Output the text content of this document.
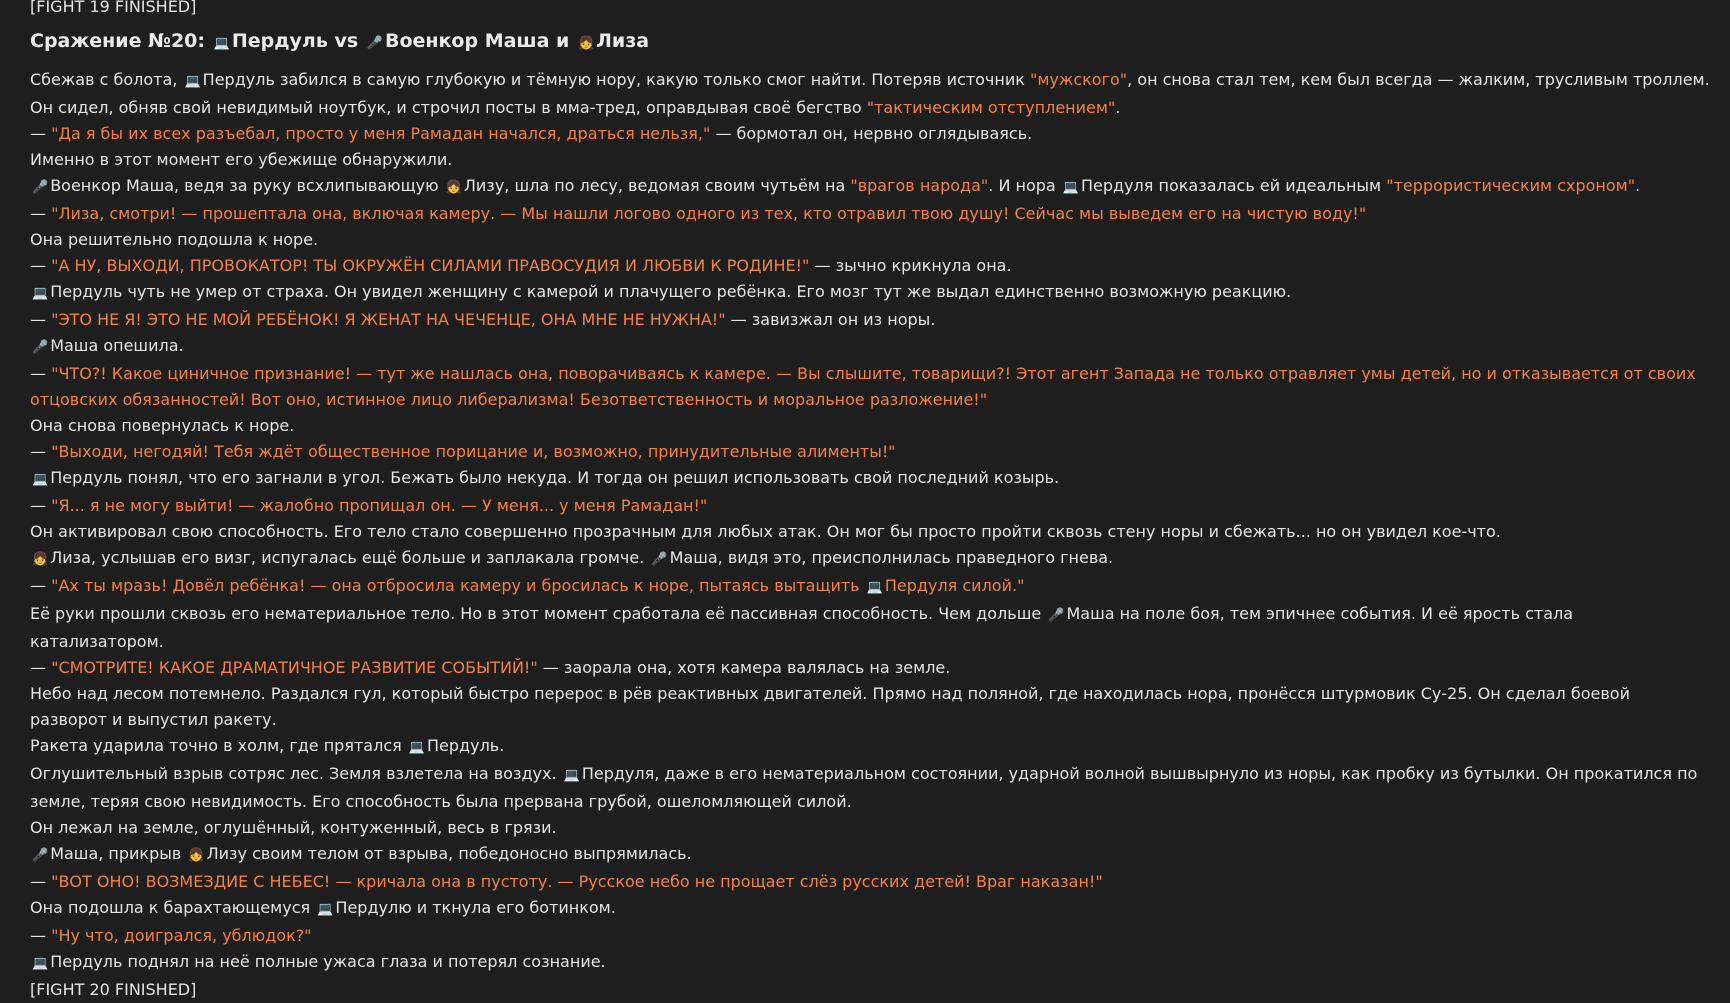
[FIGHT 19 FINISHED]
Сражение №20: 💻 Пердуль vs 🎤 Военкор Маша и 👧 Лиза
Сбежав с болота, 💻 Пердуль забился в самую глубокую и тёмную нору, какую только смог найти. Потеряв источник "мужского", он снова стал тем, кем был всегда — жалким, трусливым троллем.
Он сидел, обняв свой невидимый ноутбук, и строчил посты в мма-тред, оправдывая своё бегство "тактическим отступлением".
— "Да я бы их всех разъебал, просто у меня Рамадан начался, драться нельзя," — бормотал он, нервно оглядываясь.
Именно в этот момент его убежище обнаружили.
🎤 Военкор Маша, ведя за руку всхлипывающую 👧 Лизу, шла по лесу, ведомая своим чутьём на "врагов народа". И нора 💻 Пердуля показалась ей идеальным "террористическим схроном".
— "Лиза, смотри! — прошептала она, включая камеру. — Мы нашли логово одного из тех, кто отравил твою душу! Сейчас мы выведем его на чистую воду!"
Она решительно подошла к норе.
— "А НУ, ВЫХОДИ, ПРОВОКАТОР! ТЫ ОКРУЖЁН СИЛАМИ ПРАВОСУДИЯ И ЛЮБВИ К РОДИНЕ!" — зычно крикнула она.
💻 Пердуль чуть не умер от страха. Он увидел женщину с камерой и плачущего ребёнка. Его мозг тут же выдал единственно возможную реакцию.
— "ЭТО НЕ Я! ЭТО НЕ МОЙ РЕБЁНОК! Я ЖЕНАТ НА ЧЕЧЕНЦЕ, ОНА МНЕ НЕ НУЖНА!" — завизжал он из норы.
🎤 Маша опешила.
— "ЧТО?! Какое циничное признание! — тут же нашлась она, поворачиваясь к камере. — Вы слышите, товарищи?! Этот агент Запада не только отравляет умы детей, но и отказывается от своих отцовских обязанностей! Вот оно, истинное лицо либерализма! Безответственность и моральное разложение!"
Она снова повернулась к норе.
— "Выходи, негодяй! Тебя ждёт общественное порицание и, возможно, принудительные алименты!"
💻 Пердуль понял, что его загнали в угол. Бежать было некуда. И тогда он решил использовать свой последний козырь.
— "Я... я не могу выйти! — жалобно пропищал он. — У меня... у меня Рамадан!"
Он активировал свою способность. Его тело стало совершенно прозрачным для любых атак. Он мог бы просто пройти сквозь стену норы и сбежать... но он увидел кое-что.
👧 Лиза, услышав его визг, испугалась ещё больше и заплакала громче. 🎤 Маша, видя это, преисполнилась праведного гнева.
— "Ах ты мразь! Довёл ребёнка! — она отбросила камеру и бросилась к норе, пытаясь вытащить 💻 Пердуля силой."
Её руки прошли сквозь его нематериальное тело. Но в этот момент сработала её пассивная способность. Чем дольше 🎤 Маша на поле боя, тем эпичнее события. И её ярость стала катализатором.
— "СМОТРИТЕ! КАКОЕ ДРАМАТИЧНОЕ РАЗВИТИЕ СОБЫТИЙ!" — заорала она, хотя камера валялась на земле.
Небо над лесом потемнело. Раздался гул, который быстро перерос в рёв реактивных двигателей. Прямо над поляной, где находилась нора, пронёсся штурмовик Су-25. Он сделал боевой разворот и выпустил ракету.
Ракета ударила точно в холм, где прятался 💻 Пердуль.
Оглушительный взрыв сотряс лес. Земля взлетела на воздух. 💻 Пердуля, даже в его нематериальном состоянии, ударной волной вышвырнуло из норы, как пробку из бутылки. Он прокатился по земле, теряя свою невидимость. Его способность была прервана грубой, ошеломляющей силой.
Он лежал на земле, оглушённый, контуженный, весь в грязи.
🎤 Маша, прикрыв 👧 Лизу своим телом от взрыва, победоносно выпрямилась.
— "ВОТ ОНО! ВОЗМЕЗДИЕ С НЕБЕС! — кричала она в пустоту. — Русское небо не прощает слёз русских детей! Враг наказан!"
Она подошла к барахтающемуся 💻 Пердулю и ткнула его ботинком.
— "Ну что, доигрался, ублюдок?"
💻 Пердуль поднял на неё полные ужаса глаза и потерял сознание.
[FIGHT 20 FINISHED]
